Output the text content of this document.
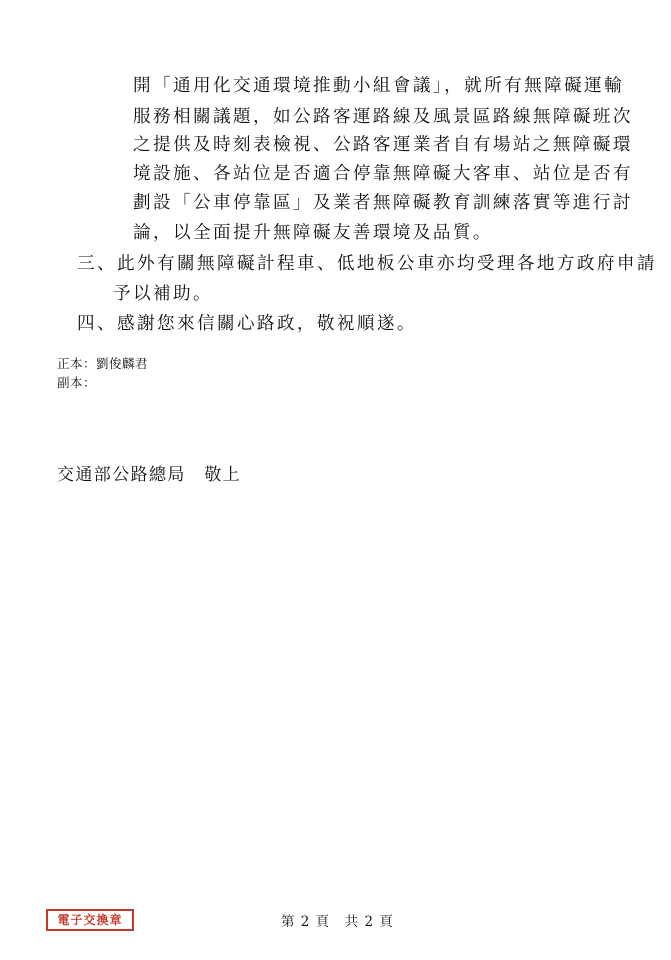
開「通用化交通環境推動小組會議」，就所有無障礙運輸
服務相關議題，如公路客運路線及風景區路線無障礙班次
之提供及時刻表檢視、公路客運業者自有場站之無障礙環
境設施、各站位是否適合停靠無障礙大客車、站位是否有
劃設「公車停靠區」及業者無障礙教育訓練落實等進行討
論，以全面提升無障礙友善環境及品質。
三、此外有關無障礙計程車、低地板公車亦均受理各地方政府申請
予以補助。
四、感謝您來信關心路政，敬祝順遂。
正本：劉俊麟君
副本：
交通部公路總局　敬上
電子交換章	第 2 頁　共 2 頁
